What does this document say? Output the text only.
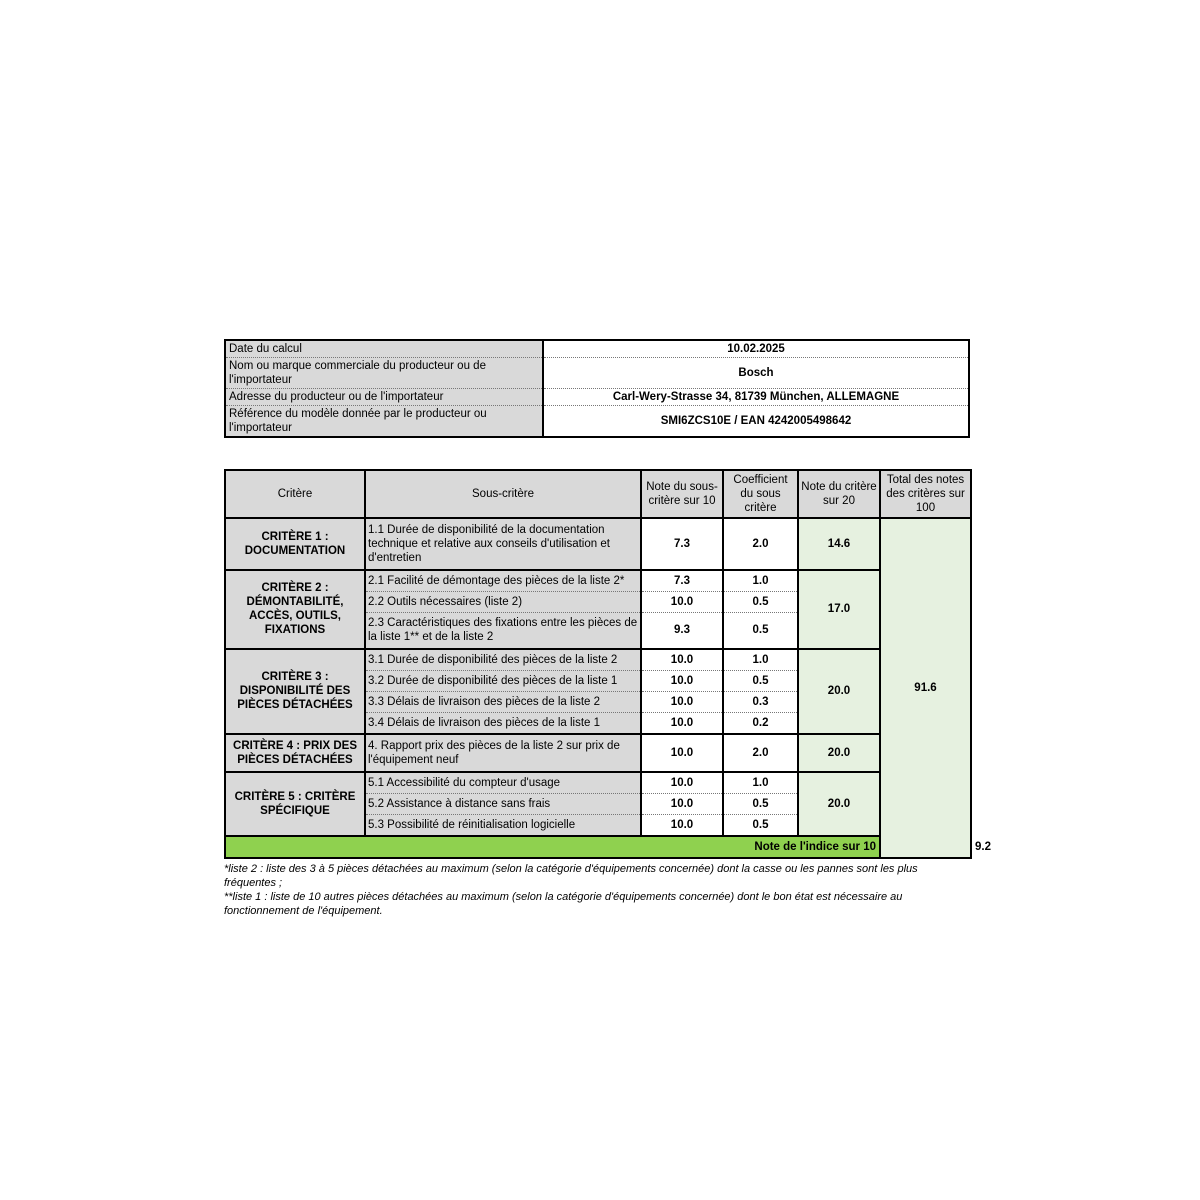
Date du calcul	10.02.2025
Nom ou marque commerciale du producteur ou de l'importateur	Bosch
Adresse du producteur ou de l'importateur	Carl-Wery-Strasse 34, 81739 München, ALLEMAGNE
Référence du modèle donnée par le producteur ou l'importateur	SMI6ZCS10E / EAN 4242005498642
Critère	Sous-critère	Note du sous-critère sur 10	Coefficient du sous critère	Note du critère sur 20	Total des notes des critères sur 100	
CRITÈRE 1 : DOCUMENTATION	1.1 Durée de disponibilité de la documentation technique et relative aux conseils d'utilisation et d'entretien	7.3	2.0	14.6	91.6	
CRITÈRE 2 : DÉMONTABILITÉ, ACCÈS, OUTILS, FIXATIONS	2.1 Facilité de démontage des pièces de la liste 2*	7.3	1.0	17.0		
	2.2 Outils nécessaires (liste 2)	10.0	0.5			
	2.3 Caractéristiques des fixations entre les pièces de la liste 1** et de la liste 2	9.3	0.5			
CRITÈRE 3 : DISPONIBILITÉ DES PIÈCES DÉTACHÉES	3.1 Durée de disponibilité des pièces de la liste 2	10.0	1.0	20.0		
	3.2 Durée de disponibilité des pièces de la liste 1	10.0	0.5			
	3.3 Délais de livraison des pièces de la liste 2	10.0	0.3			
	3.4 Délais de livraison des pièces de la liste 1	10.0	0.2			
CRITÈRE 4 : PRIX DES PIÈCES DÉTACHÉES	4. Rapport prix des pièces de la liste 2 sur prix de l'équipement neuf	10.0	2.0	20.0		
CRITÈRE 5 : CRITÈRE SPÉCIFIQUE	5.1 Accessibilité du compteur d'usage	10.0	1.0	20.0		
	5.2 Assistance à distance sans frais	10.0	0.5			
	5.3 Possibilité de réinitialisation logicielle	10.0	0.5			
Note de l'indice sur 10						9.2

*liste 2 : liste des 3 à 5 pièces détachées au maximum (selon la catégorie d'équipements concernée) dont la casse ou les pannes sont les plus fréquentes ;

**liste 1 : liste de 10 autres pièces détachées au maximum (selon la catégorie d'équipements concernée) dont le bon état est nécessaire au fonctionnement de l'équipement.
